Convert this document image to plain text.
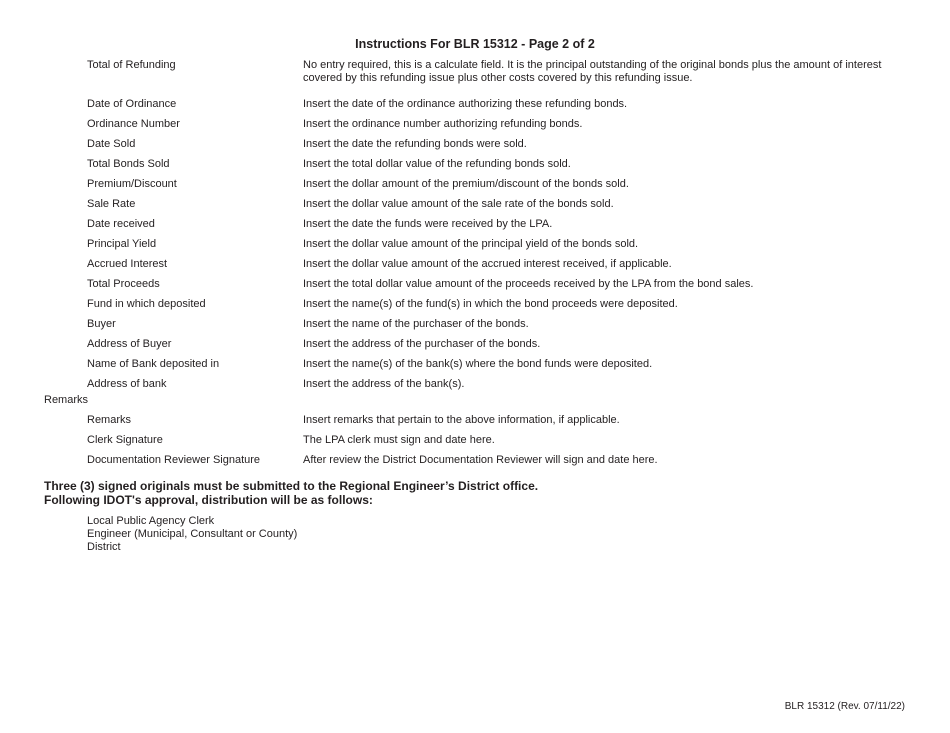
Instructions For BLR 15312 - Page 2 of 2
Total of Refunding	No entry required, this is a calculate field. It is the principal outstanding of the original bonds plus the amount of interest covered by this refunding issue plus other costs covered by this refunding issue.
Date of Ordinance	Insert the date of the ordinance authorizing these refunding bonds.
Ordinance Number	Insert the ordinance number authorizing refunding bonds.
Date Sold	Insert the date the refunding bonds were sold.
Total Bonds Sold	Insert the total dollar value of the refunding bonds sold.
Premium/Discount	Insert the dollar amount of the premium/discount of the bonds sold.
Sale Rate	Insert the dollar value amount of the sale rate of the bonds sold.
Date received	Insert the date the funds were received by the LPA.
Principal Yield	Insert the dollar value amount of the principal yield of the bonds sold.
Accrued Interest	Insert the dollar value amount of the accrued interest received, if applicable.
Total Proceeds	Insert the total dollar value amount of the proceeds received by the LPA from the bond sales.
Fund in which deposited	Insert the name(s) of the fund(s) in which the bond proceeds were deposited.
Buyer	Insert the name of the purchaser of the bonds.
Address of Buyer	Insert the address of the purchaser of the bonds.
Name of Bank deposited in	Insert the name(s) of the bank(s) where the bond funds were deposited.
Address of bank	Insert the address of the bank(s).
Remarks
Remarks	Insert remarks that pertain to the above information, if applicable.
Clerk Signature	The LPA clerk must sign and date here.
Documentation Reviewer Signature	After review the District Documentation Reviewer will sign and date here.
Three (3) signed originals must be submitted to the Regional Engineer’s District office.
Following IDOT's approval, distribution will be as follows:
Local Public Agency Clerk
Engineer (Municipal, Consultant or County)
District
BLR 15312 (Rev. 07/11/22)
